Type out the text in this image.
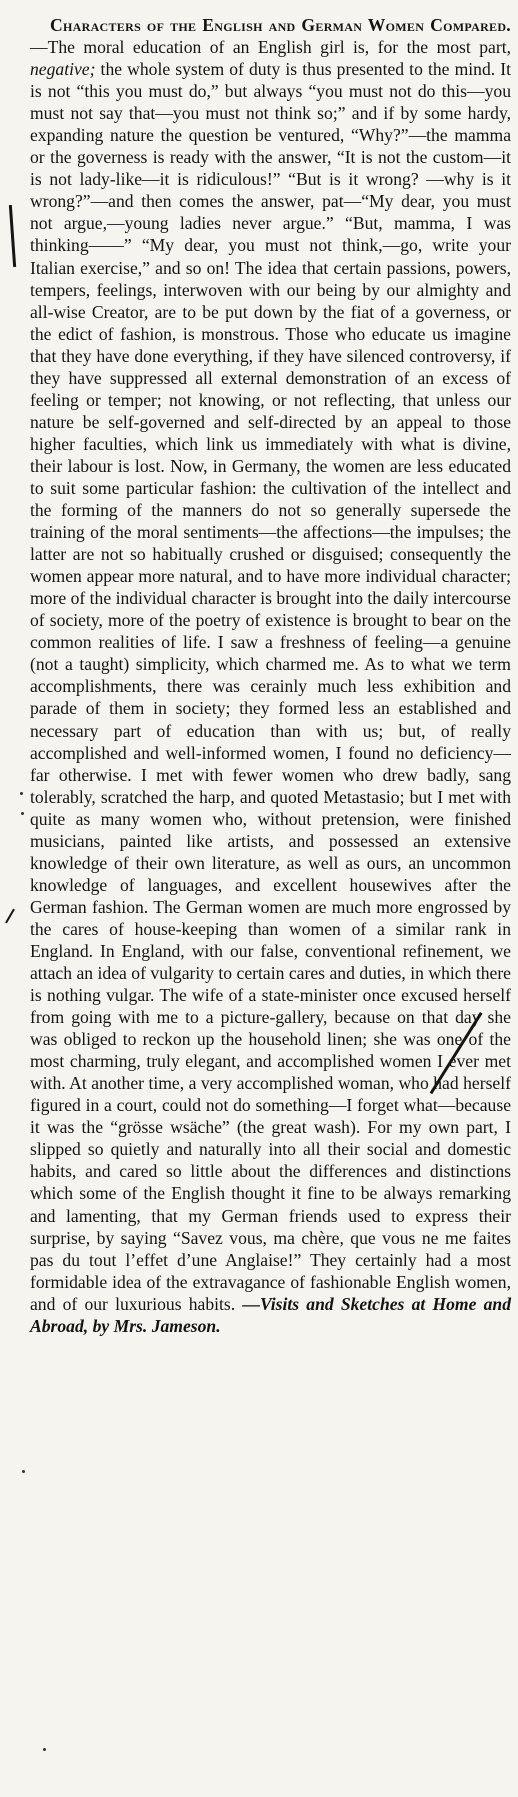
Characters of the English and German Women Compared.—The moral education of an English girl is, for the most part, negative; the whole system of duty is thus presented to the mind. It is not “this you must do,” but always “you must not do this—you must not say that—you must not think so;” and if by some hardy, expanding nature the question be ventured, “Why?”—the mamma or the governess is ready with the answer, “It is not the custom—it is not lady-like—it is ridiculous!” “But is it wrong? —why is it wrong?”—and then comes the answer, pat—“My dear, you must not argue,—young ladies never argue.” “But, mamma, I was thinking——” “My dear, you must not think,—go, write your Italian exercise,” and so on! The idea that certain passions, powers, tempers, feelings, interwoven with our being by our almighty and all-wise Creator, are to be put down by the fiat of a governess, or the edict of fashion, is monstrous. Those who educate us imagine that they have done everything, if they have silenced controversy, if they have suppressed all external demonstration of an excess of feeling or temper; not knowing, or not reflecting, that unless our nature be self-governed and self-directed by an appeal to those higher faculties, which link us immediately with what is divine, their labour is lost. Now, in Germany, the women are less educated to suit some particular fashion: the cultivation of the intellect and the forming of the manners do not so generally supersede the training of the moral sentiments—the affections—the impulses; the latter are not so habitually crushed or disguised; consequently the women appear more natural, and to have more individual character; more of the individual character is brought into the daily intercourse of society, more of the poetry of existence is brought to bear on the common realities of life. I saw a freshness of feeling—a genuine (not a taught) simplicity, which charmed me. As to what we term accomplishments, there was cerainly much less exhibition and parade of them in society; they formed less an established and necessary part of education than with us; but, of really accomplished and well-informed women, I found no deficiency—far otherwise. I met with fewer women who drew badly, sang tolerably, scratched the harp, and quoted Metastasio; but I met with quite as many women who, without pretension, were finished musicians, painted like artists, and possessed an extensive knowledge of their own literature, as well as ours, an uncommon knowledge of languages, and excellent housewives after the German fashion. The German women are much more engrossed by the cares of house-keeping than women of a similar rank in England. In England, with our false, conventional refinement, we attach an idea of vulgarity to certain cares and duties, in which there is nothing vulgar. The wife of a state-minister once excused herself from going with me to a picture-gallery, because on that day she was obliged to reckon up the household linen; she was one of the most charming, truly elegant, and accomplished women I ever met with. At another time, a very accomplished woman, who had herself figured in a court, could not do something—I forget what—because it was the “grösse wsäche” (the great wash). For my own part, I slipped so quietly and naturally into all their social and domestic habits, and cared so little about the differences and distinctions which some of the English thought it fine to be always remarking and lamenting, that my German friends used to express their surprise, by saying “Savez vous, ma chère, que vous ne me faites pas du tout l’effet d’une Anglaise!” They certainly had a most formidable idea of the extravagance of fashionable English women, and of our luxurious habits. —Visits and Sketches at Home and Abroad, by Mrs. Jameson.
